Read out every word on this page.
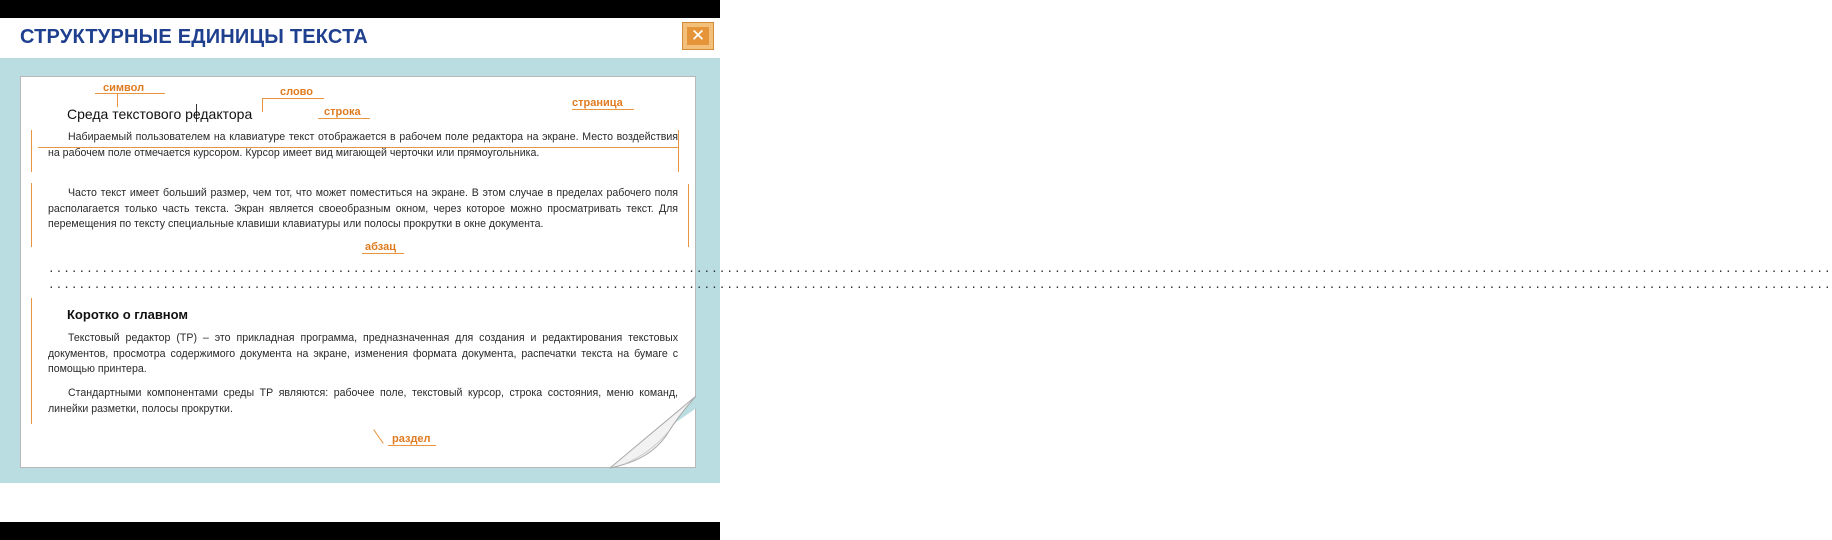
СТРУКТУРНЫЕ ЕДИНИЦЫ ТЕКСТА	✕
символ	слово
строка
страница
абзац
раздел
Среда текстового редактора
Набираемый пользователем на клавиатуре текст отображается в рабочем поле редактора на экране. Место воздействия на рабочем поле отмечается курсором. Курсор имеет вид мигающей черточки или прямоугольника.
Часто текст имеет больший размер, чем тот, что может поместиться на экране. В этом случае в пределах рабочего поля располагается только часть текста. Экран является своеобразным окном, через которое можно просматривать текст. Для перемещения по тексту специальные клавиши клавиатуры или полосы прокрутки в окне документа.
..........................................................................................................................................................................................................................................
..........................................................................................................................................................................................................................................
Коротко о главном
Текстовый редактор (ТР) – это прикладная программа, предназначенная для создания и редактирования текстовых документов, просмотра содержимого документа на экране, изменения формата документа, распечатки текста на бумаге с помощью принтера.
Стандартными компонентами среды ТР являются: рабочее поле, текстовый курсор, строка состояния, меню команд, линейки разметки, полосы прокрутки.
